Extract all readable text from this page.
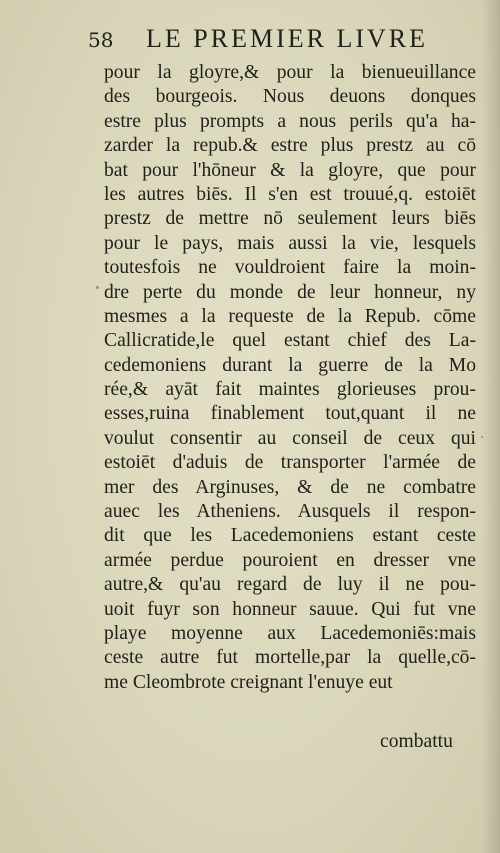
58 LE PREMIER LIVRE
pour la gloyre,& pour la bienueuillance
des bourgeois. Nous deuons donques
estre plus prompts a nous perils qu'a ha-
zarder la repub.& estre plus prestz au cō
bat pour l'hōneur & la gloyre, que pour
les autres biēs. Il s'en est trouué,q. estoiēt
prestz de mettre nō seulement leurs biēs
pour le pays, mais aussi la vie, lesquels
toutesfois ne vouldroient faire la moin-
dre perte du monde de leur honneur, ny
mesmes a la requeste de la Repub. cōme
Callicratide,le quel estant chief des La-
cedemoniens durant la guerre de la Mo
rée,& ayāt fait maintes glorieuses prou-
esses,ruina finablement tout,quant il ne
voulut consentir au conseil de ceux qui
estoiēt d'aduis de transporter l'armée de
mer des Arginuses, & de ne combatre
auec les Atheniens. Ausquels il respon-
dit que les Lacedemoniens estant ceste
armée perdue pouroient en dresser vne
autre,& qu'au regard de luy il ne pou-
uoit fuyr son honneur sauue. Qui fut vne
playe moyenne aux Lacedemoniēs:mais
ceste autre fut mortelle,par la quelle,cō-
me Cleombrote creignant l'enuye eut
combattu
